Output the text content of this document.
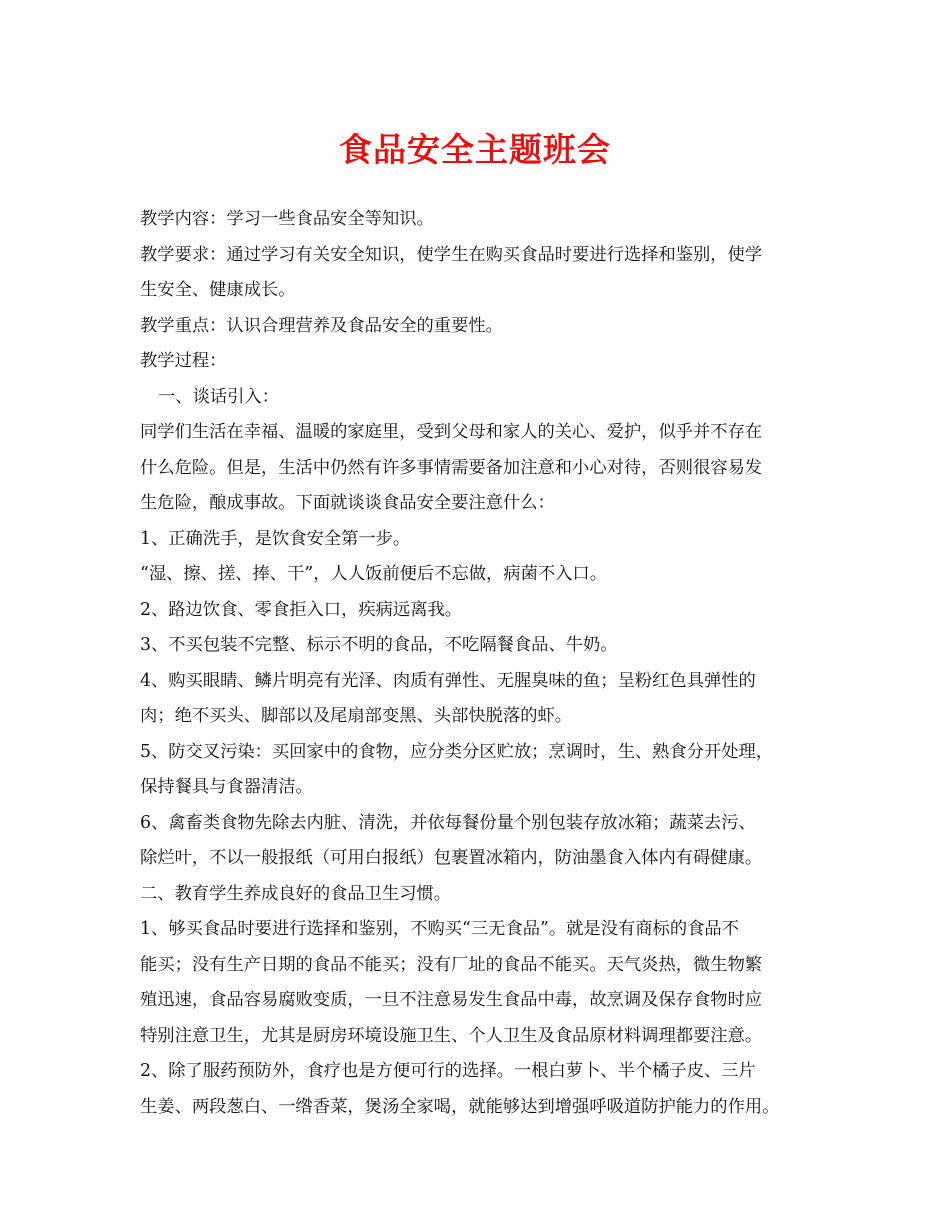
食品安全主题班会
教学内容：学习一些食品安全等知识。
教学要求：通过学习有关安全知识，使学生在购买食品时要进行选择和鉴别，使学
生安全、健康成长。
教学重点：认识合理营养及食品安全的重要性。
教学过程：
一、谈话引入：
同学们生活在幸福、温暖的家庭里，受到父母和家人的关心、爱护，似乎并不存在
什么危险。但是，生活中仍然有许多事情需要备加注意和小心对待，否则很容易发
生危险，酿成事故。下面就谈谈食品安全要注意什么：
1、正确洗手，是饮食安全第一步。
“湿、擦、搓、捧、干”，人人饭前便后不忘做，病菌不入口。
2、路边饮食、零食拒入口，疾病远离我。
3、不买包装不完整、标示不明的食品，不吃隔餐食品、牛奶。
4、购买眼睛、鳞片明亮有光泽、肉质有弹性、无腥臭味的鱼；呈粉红色具弹性的
肉；绝不买头、脚部以及尾扇部变黑、头部快脱落的虾。
5、防交叉污染：买回家中的食物，应分类分区贮放；烹调时，生、熟食分开处理，
保持餐具与食器清洁。
6、禽畜类食物先除去内脏、清洗，并依每餐份量个别包装存放冰箱；蔬菜去污、
除烂叶，不以一般报纸（可用白报纸）包裹置冰箱内，防油墨食入体内有碍健康。
二、教育学生养成良好的食品卫生习惯。
1、够买食品时要进行选择和鉴别，不购买“三无食品”。就是没有商标的食品不
能买；没有生产日期的食品不能买；没有厂址的食品不能买。天气炎热，微生物繁
殖迅速，食品容易腐败变质，一旦不注意易发生食品中毒，故烹调及保存食物时应
特别注意卫生，尤其是厨房环境设施卫生、个人卫生及食品原材料调理都要注意。
2、除了服药预防外，食疗也是方便可行的选择。一根白萝卜、半个橘子皮、三片
生姜、两段葱白、一绺香菜，煲汤全家喝，就能够达到增强呼吸道防护能力的作用。
